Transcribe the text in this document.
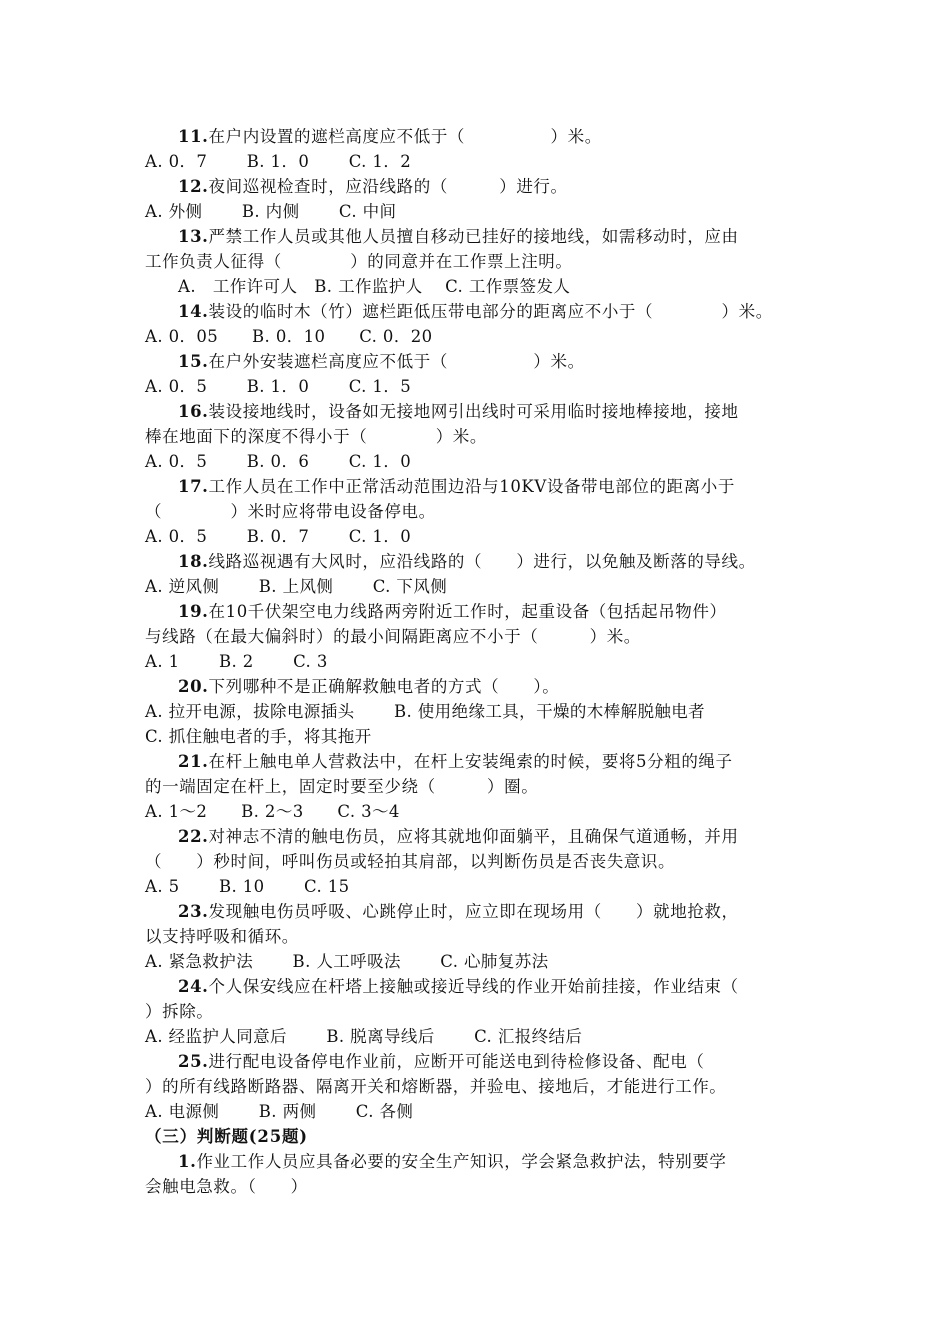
11.在户内设置的遮栏高度应不低于（　　　　　）米。
A. 0．7　　 B. 1．0　　 C. 1．2
12.夜间巡视检查时，应沿线路的（　　　）进行。
A. 外侧　　 B. 内侧　　 C. 中间
13.严禁工作人员或其他人员擅自移动已挂好的接地线，如需移动时，应由
工作负责人征得（　　　　）的同意并在工作票上注明。
A.　工作许可人　B. 工作监护人　 C. 工作票签发人
14.装设的临时木（竹）遮栏距低压带电部分的距离应不小于（　　　　）米。
A. 0．05　　B. 0．10　　C. 0．20
15.在户外安装遮栏高度应不低于（　　　　　）米。
A. 0．5　　 B. 1．0　　 C. 1．5
16.装设接地线时，设备如无接地网引出线时可采用临时接地棒接地，接地
棒在地面下的深度不得小于（　　　　）米。
A. 0．5　　 B. 0．6　　 C. 1．0
17.工作人员在工作中正常活动范围边沿与10KV设备带电部位的距离小于
（　　　　）米时应将带电设备停电。
A. 0．5　　 B. 0．7　　 C. 1．0
18.线路巡视遇有大风时，应沿线路的（　　）进行，以免触及断落的导线。
A. 逆风侧　　 B. 上风侧　　 C. 下风侧
19.在10千伏架空电力线路两旁附近工作时，起重设备（包括起吊物件）
与线路（在最大偏斜时）的最小间隔距离应不小于（　　　）米。
A. 1　　 B. 2　　 C. 3
20.下列哪种不是正确解救触电者的方式（　　）。
A. 拉开电源，拔除电源插头　　 B. 使用绝缘工具，干燥的木棒解脱触电者
C. 抓住触电者的手，将其拖开
21.在杆上触电单人营救法中，在杆上安装绳索的时候，要将5分粗的绳子
的一端固定在杆上，固定时要至少绕（　　　）圈。
A. 1～2　　B. 2～3　　C. 3～4
22.对神志不清的触电伤员，应将其就地仰面躺平，且确保气道通畅，并用
（　　）秒时间，呼叫伤员或轻拍其肩部，以判断伤员是否丧失意识。
A. 5　　 B. 10　　 C. 15
23.发现触电伤员呼吸、心跳停止时，应立即在现场用（　　）就地抢救，
以支持呼吸和循环。
A. 紧急救护法　　 B. 人工呼吸法　　 C. 心肺复苏法
24.个人保安线应在杆塔上接触或接近导线的作业开始前挂接，作业结束（
）拆除。
A. 经监护人同意后　　 B. 脱离导线后　　 C. 汇报终结后
25.进行配电设备停电作业前，应断开可能送电到待检修设备、配电（
）的所有线路断路器、隔离开关和熔断器，并验电、接地后，才能进行工作。
A. 电源侧　　 B. 两侧　　 C. 各侧
（三）判断题(25题)
1.作业工作人员应具备必要的安全生产知识，学会紧急救护法，特别要学
会触电急救。（　　）
